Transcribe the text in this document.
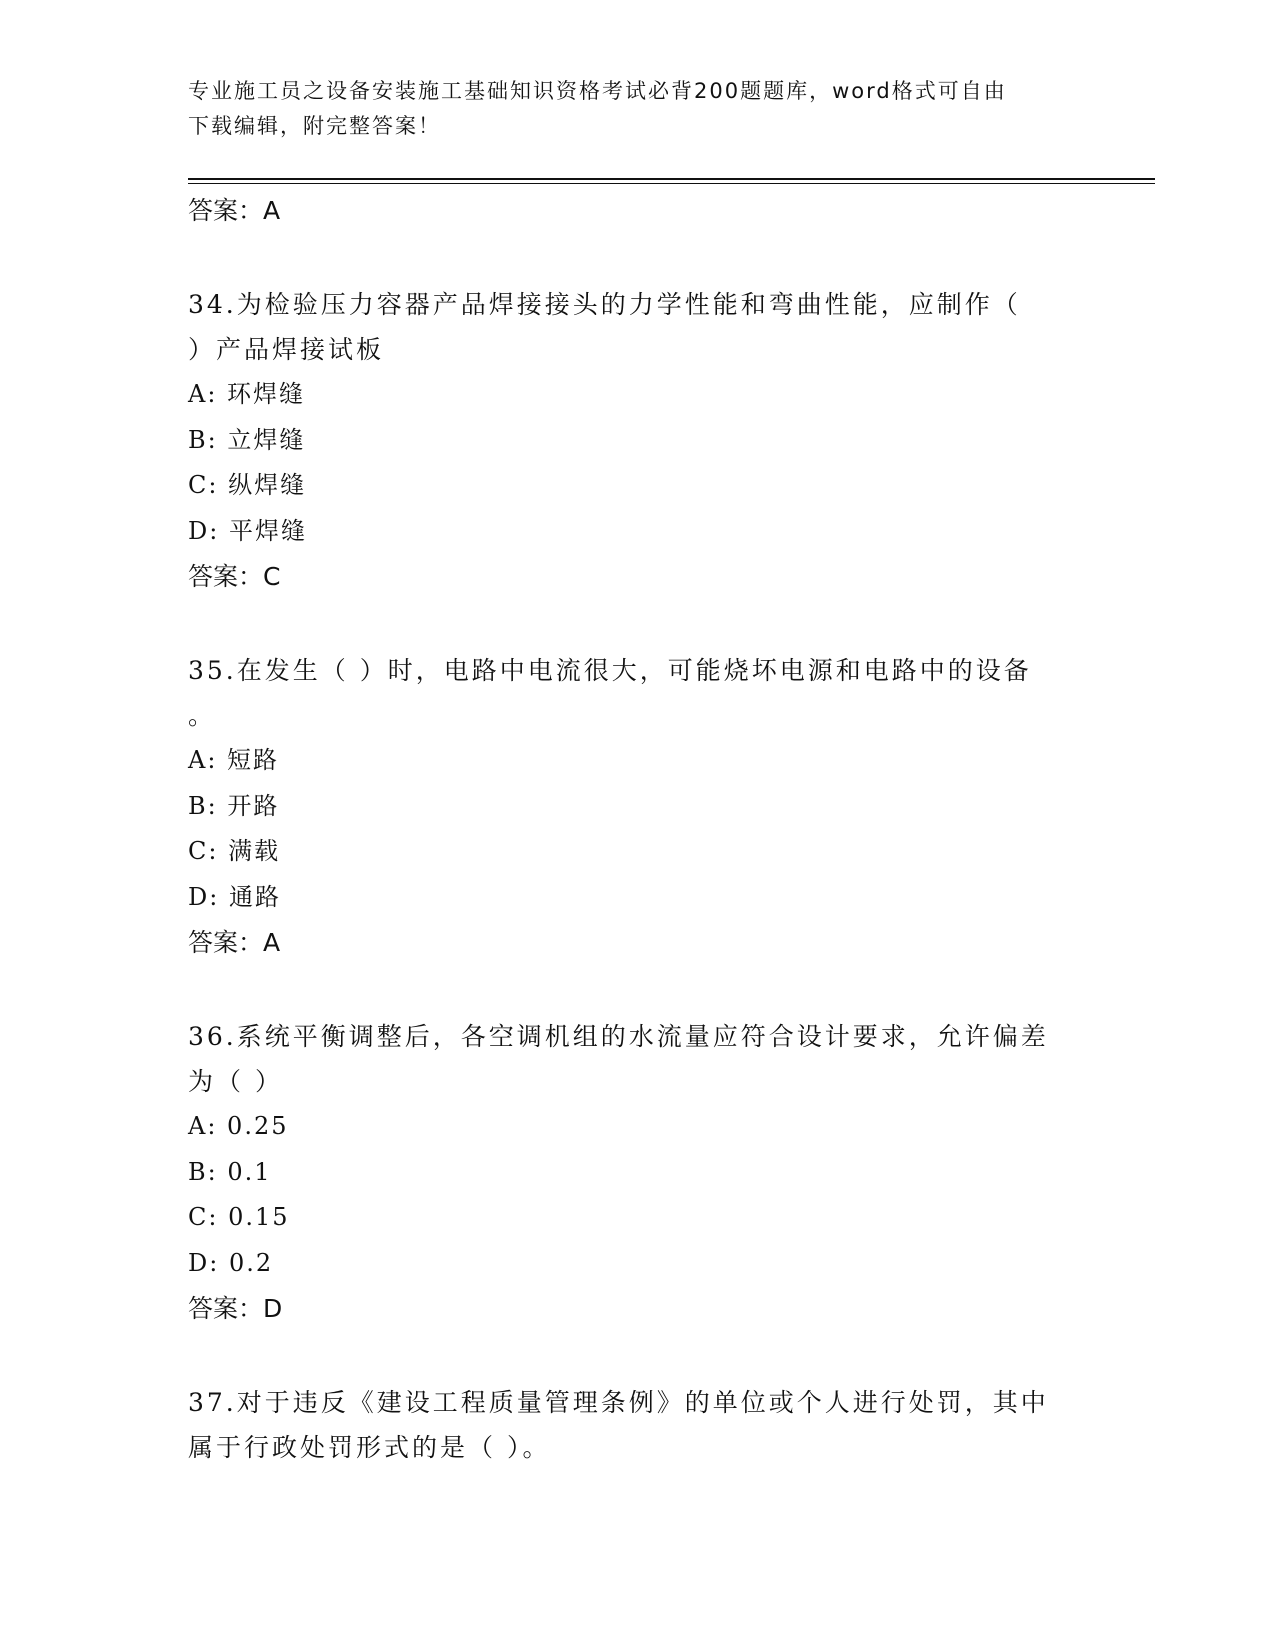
专业施工员之设备安装施工基础知识资格考试必背200题题库，word格式可自由
下载编辑，附完整答案！

答案：A

34.为检验压力容器产品焊接接头的力学性能和弯曲性能，应制作（

）产品焊接试板

A: 环焊缝

B: 立焊缝

C: 纵焊缝

D: 平焊缝

答案：C

35.在发生（ ）时，电路中电流很大，可能烧坏电源和电路中的设备

。

A: 短路

B: 开路

C: 满载

D: 通路

答案：A

36.系统平衡调整后，各空调机组的水流量应符合设计要求，允许偏差

为（ ）

A: 0.25

B: 0.1

C: 0.15

D: 0.2

答案：D

37.对于违反《建设工程质量管理条例》的单位或个人进行处罚，其中

属于行政处罚形式的是（ ）。
